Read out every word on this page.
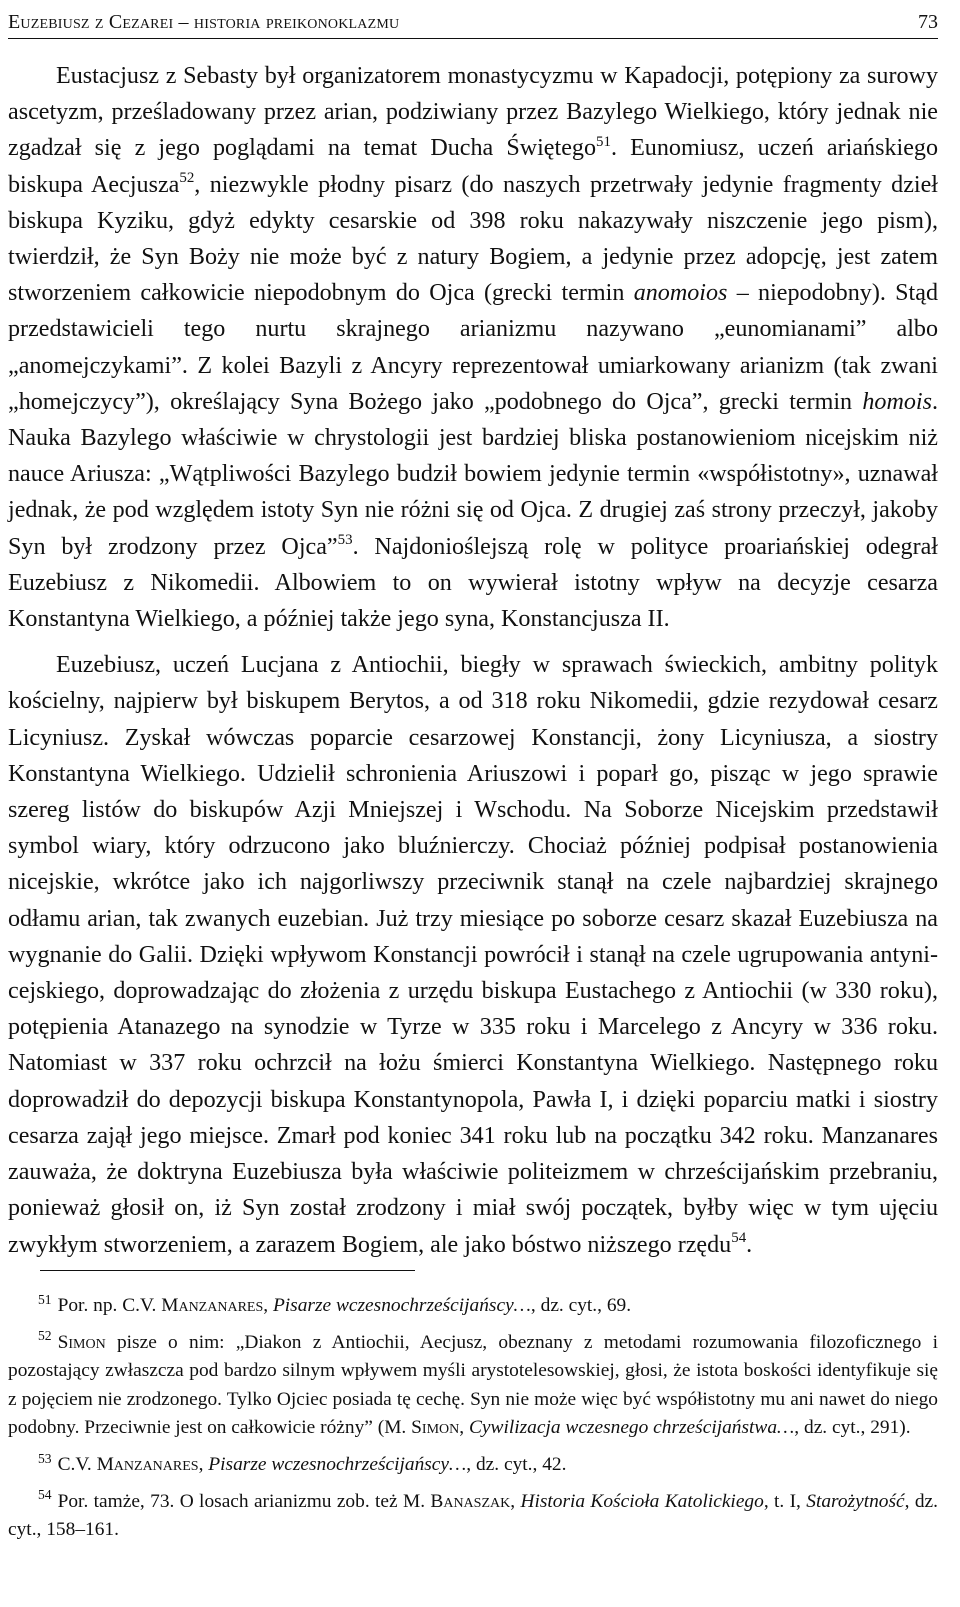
Euzebiusz z Cezarei – historia preikonoklazmu	73

Eustacjusz z Sebasty był organizatorem monastycyzmu w Kapadocji, potępiony za surowy ascetyzm, prześladowany przez arian, podziwiany przez Bazylego Wielkiego, który jednak nie zgadzał się z jego poglądami na temat Ducha Świętego$^{51}$. Eunomiusz, uczeń ariańskiego biskupa Aecjusza$^{52}$, niezwykle płodny pisarz (do naszych przetrwały jedynie fragmenty dzieł biskupa Kyziku, gdyż edykty cesarskie od 398 roku nakazywały niszczenie jego pism), twierdził, że Syn Boży nie może być z natury Bogiem, a jedynie przez adopcję, jest zatem stworzeniem całkowicie niepodobnym do Ojca (grecki termin anomoios – niepodobny). Stąd przedstawicieli tego nurtu skrajnego arianizmu nazywano „eunomianami” albo „anomejczykami”. Z kolei Bazyli z Ancyry reprezentował umiarkowany arianizm (tak zwani „homejczycy”), określający Syna Bożego jako „podobnego do Ojca”, grecki termin homois. Nauka Bazylego właściwie w chrystologii jest bardziej bliska postanowieniom nicejskim niż nauce Ariusza: „Wątpliwości Bazylego budził bowiem jedynie termin «współistotny», uznawał jednak, że pod względem istoty Syn nie różni się od Ojca. Z drugiej zaś strony przeczył, jakoby Syn był zrodzony przez Ojca”$^{53}$. Najdonioślejszą rolę w polityce proariańskiej odegrał Euzebiusz z Nikomedii. Albowiem to on wywierał istotny wpływ na decyzje cesarza Konstantyna Wielkiego, a później także jego syna, Konstancjusza II.

Euzebiusz, uczeń Lucjana z Antiochii, biegły w sprawach świeckich, ambitny polityk kościelny, najpierw był biskupem Berytos, a od 318 roku Nikomedii, gdzie rezydował cesarz Licyniusz. Zyskał wówczas poparcie cesarzowej Konstancji, żony Licyniusza, a siostry Konstantyna Wielkiego. Udzielił schronienia Ariuszowi i poparł go, pisząc w jego sprawie szereg listów do biskupów Azji Mniejszej i Wschodu. Na Soborze Nicejskim przedstawił symbol wiary, który odrzucono jako bluźnierczy. Chociaż później podpisał postanowienia nicejskie, wkrótce jako ich najgorliwszy przeciwnik stanął na czele najbardziej skrajnego odłamu arian, tak zwanych euzebian. Już trzy miesiące po soborze cesarz skazał Euzebiusza na wygnanie do Galii. Dzięki wpływom Konstancji powrócił i stanął na czele ugrupowania antynicejskiego, doprowadzając do złożenia z urzędu biskupa Eustachego z Antiochii (w 330 roku), potępienia Atanazego na synodzie w Tyrze w 335 roku i Marcelego z Ancyry w 336 roku. Natomiast w 337 roku ochrzcił na łożu śmierci Konstantyna Wielkiego. Następnego roku doprowadził do depozycji biskupa Konstantynopola, Pawła I, i dzięki poparciu matki i siostry cesarza zajął jego miejsce. Zmarł pod koniec 341 roku lub na początku 342 roku. Manzanares zauważa, że doktryna Euzebiusza była właściwie politeizmem w chrześcijańskim przebraniu, ponieważ głosił on, iż Syn został zrodzony i miał swój początek, byłby więc w tym ujęciu zwykłym stworzeniem, a zarazem Bogiem, ale jako bóstwo niższego rzędu$^{54}$.

$^{51}$ Por. np. C.V. Manzanares, Pisarze wczesnochrześcijańscy…, dz. cyt., 69.

$^{52}$ Simon pisze o nim: „Diakon z Antiochii, Aecjusz, obeznany z metodami rozumowania filozoficznego i pozostający zwłaszcza pod bardzo silnym wpływem myśli arystotelesowskiej, głosi, że istota boskości identyfikuje się z pojęciem nie zrodzonego. Tylko Ojciec posiada tę cechę. Syn nie może więc być współistotny mu ani nawet do niego podobny. Przeciwnie jest on całkowicie różny” (M. Simon, Cywilizacja wczesnego chrześcijaństwa…, dz. cyt., 291).

$^{53}$ C.V. Manzanares, Pisarze wczesnochrześcijańscy…, dz. cyt., 42.

$^{54}$ Por. tamże, 73. O losach arianizmu zob. też M. Banaszak, Historia Kościoła Katolickiego, t. I, Starożytność, dz. cyt., 158–161.
